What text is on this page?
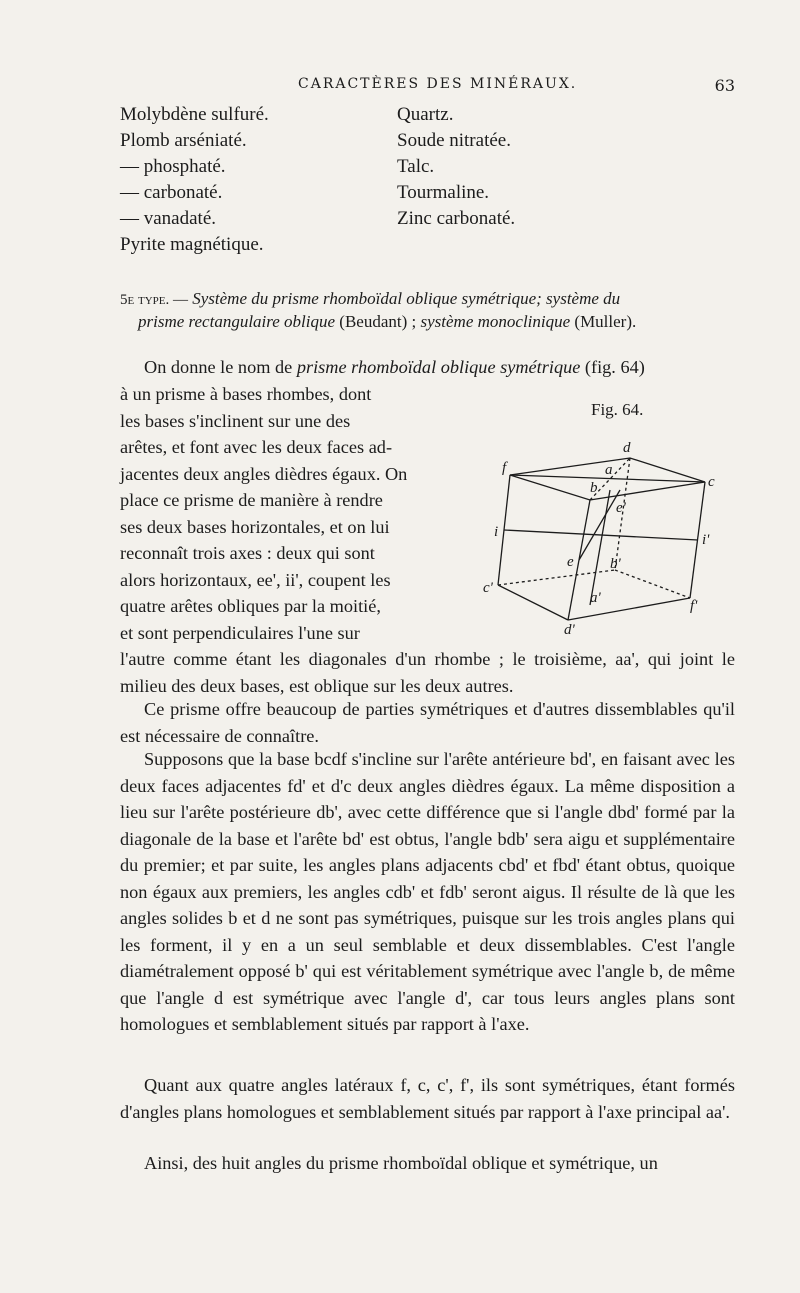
CARACTÈRES DES MINÉRAUX.	63
Molybdène sulfuré.
Plomb arséniaté.
— phosphaté.
— carbonaté.
— vanadaté.
Pyrite magnétique.
Quartz.
Soude nitratée.
Talc.
Tourmaline.
Zinc carbonaté.
5e type. — Système du prisme rhomboïdal oblique symétrique; système du
prisme rectangulaire oblique (Beudant) ; système monoclinique (Muller).
On donne le nom de prisme rhomboïdal oblique symétrique (fig. 64)
à un prisme à bases rhombes, dont
les bases s'inclinent sur une des
arêtes, et font avec les deux faces ad-
jacentes deux angles dièdres égaux. On
place ce prisme de manière à rendre
ses deux bases horizontales, et on lui
reconnaît trois axes : deux qui sont
alors horizontaux, ee', ii', coupent les
quatre arêtes obliques par la moitié,
et sont perpendiculaires l'une sur
Fig. 64.
d
a
b	c
f
e'
i	i'
e b'
c'
a'	f'
d'
l'autre comme étant les diagonales d'un rhombe ; le troisième, aa', qui joint le milieu des deux bases, est oblique sur les deux autres.
Ce prisme offre beaucoup de parties symétriques et d'autres dissemblables qu'il est nécessaire de connaître.
Supposons que la base bcdf s'incline sur l'arête antérieure bd', en faisant avec les deux faces adjacentes fd' et d'c deux angles dièdres égaux. La même disposition a lieu sur l'arête postérieure db', avec cette différence que si l'angle dbd' formé par la diagonale de la base et l'arête bd' est obtus, l'angle bdb' sera aigu et supplémentaire du premier; et par suite, les angles plans adjacents cbd' et fbd' étant obtus, quoique non égaux aux premiers, les angles cdb' et fdb' seront aigus. Il résulte de là que les angles solides b et d ne sont pas symétriques, puisque sur les trois angles plans qui les forment, il y en a un seul semblable et deux dissemblables. C'est l'angle diamétralement opposé b' qui est véritablement symétrique avec l'angle b, de même que l'angle d est symétrique avec l'angle d', car tous leurs angles plans sont homologues et semblablement situés par rapport à l'axe.
Quant aux quatre angles latéraux f, c, c', f', ils sont symétriques, étant formés d'angles plans homologues et semblablement situés par rapport à l'axe principal aa'.
Ainsi, des huit angles du prisme rhomboïdal oblique et symétrique, un
